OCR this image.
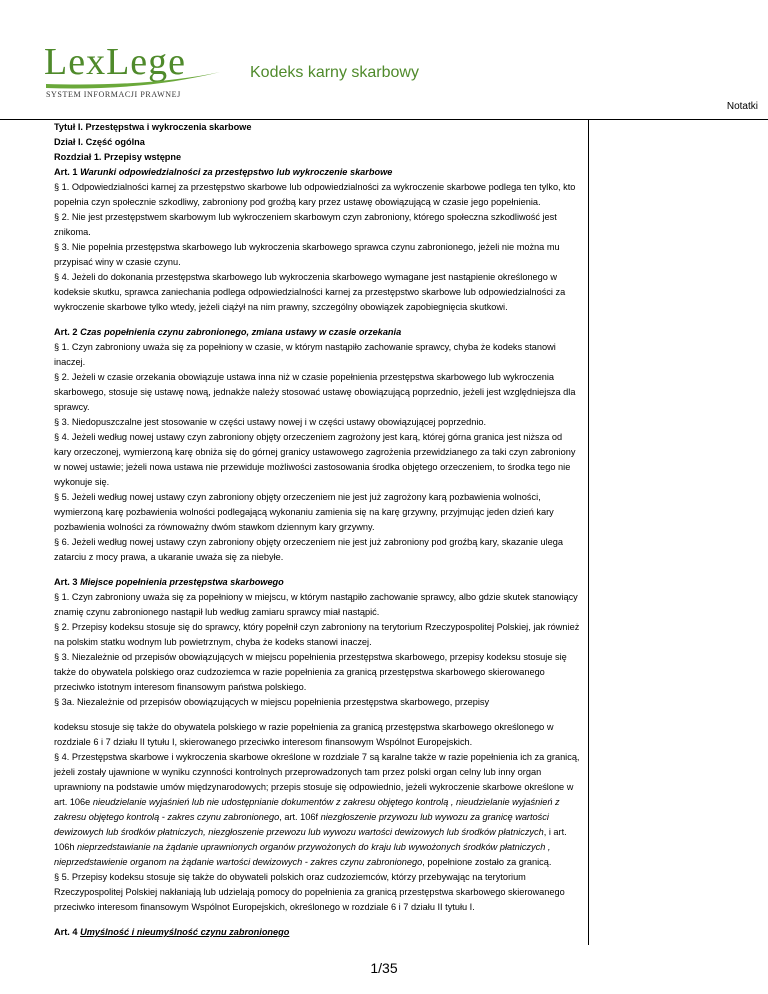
LexLege
SYSTEM INFORMACJI PRAWNEJ
Kodeks karny skarbowy
Notatki

Tytuł I. Przestępstwa i wykroczenia skarbowe

Dział I. Część ogólna

Rozdział 1. Przepisy wstępne

Art. 1 Warunki odpowiedzialności za przestępstwo lub wykroczenie skarbowe

§ 1. Odpowiedzialności karnej za przestępstwo skarbowe lub odpowiedzialności za wykroczenie skarbowe podlega ten tylko, kto popełnia czyn społecznie szkodliwy, zabroniony pod groźbą kary przez ustawę obowiązującą w czasie jego popełnienia.

§ 2. Nie jest przestępstwem skarbowym lub wykroczeniem skarbowym czyn zabroniony, którego społeczna szkodliwość jest znikoma.

§ 3. Nie popełnia przestępstwa skarbowego lub wykroczenia skarbowego sprawca czynu zabronionego, jeżeli nie można mu przypisać winy w czasie czynu.

§ 4. Jeżeli do dokonania przestępstwa skarbowego lub wykroczenia skarbowego wymagane jest nastąpienie określonego w kodeksie skutku, sprawca zaniechania podlega odpowiedzialności karnej za przestępstwo skarbowe lub odpowiedzialności za wykroczenie skarbowe tylko wtedy, jeżeli ciążył na nim prawny, szczególny obowiązek zapobiegnięcia skutkowi.

Art. 2 Czas popełnienia czynu zabronionego, zmiana ustawy w czasie orzekania

§ 1. Czyn zabroniony uważa się za popełniony w czasie, w którym nastąpiło zachowanie sprawcy, chyba że kodeks stanowi inaczej.

§ 2. Jeżeli w czasie orzekania obowiązuje ustawa inna niż w czasie popełnienia przestępstwa skarbowego lub wykroczenia skarbowego, stosuje się ustawę nową, jednakże należy stosować ustawę obowiązującą poprzednio, jeżeli jest względniejsza dla sprawcy.

§ 3. Niedopuszczalne jest stosowanie w części ustawy nowej i w części ustawy obowiązującej poprzednio.

§ 4. Jeżeli według nowej ustawy czyn zabroniony objęty orzeczeniem zagrożony jest karą, której górna granica jest niższa od kary orzeczonej, wymierzoną karę obniża się do górnej granicy ustawowego zagrożenia przewidzianego za taki czyn zabroniony w nowej ustawie; jeżeli nowa ustawa nie przewiduje możliwości zastosowania środka objętego orzeczeniem, to środka tego nie wykonuje się.

§ 5. Jeżeli według nowej ustawy czyn zabroniony objęty orzeczeniem nie jest już zagrożony karą pozbawienia wolności, wymierzoną karę pozbawienia wolności podlegającą wykonaniu zamienia się na karę grzywny, przyjmując jeden dzień kary pozbawienia wolności za równoważny dwóm stawkom dziennym kary grzywny.

§ 6. Jeżeli według nowej ustawy czyn zabroniony objęty orzeczeniem nie jest już zabroniony pod groźbą kary, skazanie ulega zatarciu z mocy prawa, a ukaranie uważa się za niebyłe.

Art. 3 Miejsce popełnienia przestępstwa skarbowego

§ 1. Czyn zabroniony uważa się za popełniony w miejscu, w którym nastąpiło zachowanie sprawcy, albo gdzie skutek stanowiący znamię czynu zabronionego nastąpił lub według zamiaru sprawcy miał nastąpić.

§ 2. Przepisy kodeksu stosuje się do sprawcy, który popełnił czyn zabroniony na terytorium Rzeczypospolitej Polskiej, jak również na polskim statku wodnym lub powietrznym, chyba że kodeks stanowi inaczej.

§ 3. Niezależnie od przepisów obowiązujących w miejscu popełnienia przestępstwa skarbowego, przepisy kodeksu stosuje się także do obywatela polskiego oraz cudzoziemca w razie popełnienia za granicą przestępstwa skarbowego skierowanego przeciwko istotnym interesom finansowym państwa polskiego.

§ 3a. Niezależnie od przepisów obowiązujących w miejscu popełnienia przestępstwa skarbowego, przepisy

kodeksu stosuje się także do obywatela polskiego w razie popełnienia za granicą przestępstwa skarbowego określonego w rozdziale 6 i 7 działu II tytułu I, skierowanego przeciwko interesom finansowym Wspólnot Europejskich.

§ 4. Przestępstwa skarbowe i wykroczenia skarbowe określone w rozdziale 7 są karalne także w razie popełnienia ich za granicą, jeżeli zostały ujawnione w wyniku czynności kontrolnych przeprowadzonych tam przez polski organ celny lub inny organ uprawniony na podstawie umów międzynarodowych; przepis stosuje się odpowiednio, jeżeli wykroczenie skarbowe określone w art. 106e nieudzielanie wyjaśnień lub nie udostępnianie dokumentów z zakresu objętego kontrolą , nieudzielanie wyjaśnień z zakresu objętego kontrolą - zakres czynu zabronionego, art. 106f niezgłoszenie przywozu lub wywozu za granicę wartości dewizowych lub środków płatniczych, niezgłoszenie przewozu lub wywozu wartości dewizowych lub środków płatniczych, i art. 106h nieprzedstawianie na żądanie uprawnionych organów przywożonych do kraju lub wywożonych środków płatniczych , nieprzedstawienie organom na żądanie wartości dewizowych - zakres czynu zabronionego, popełnione zostało za granicą.

§ 5. Przepisy kodeksu stosuje się także do obywateli polskich oraz cudzoziemców, którzy przebywając na terytorium Rzeczypospolitej Polskiej nakłaniają lub udzielają pomocy do popełnienia za granicą przestępstwa skarbowego skierowanego przeciwko interesom finansowym Wspólnot Europejskich, określonego w rozdziale 6 i 7 działu II tytułu I.

Art. 4 Umyślność i nieumyślność czynu zabronionego

1/35
